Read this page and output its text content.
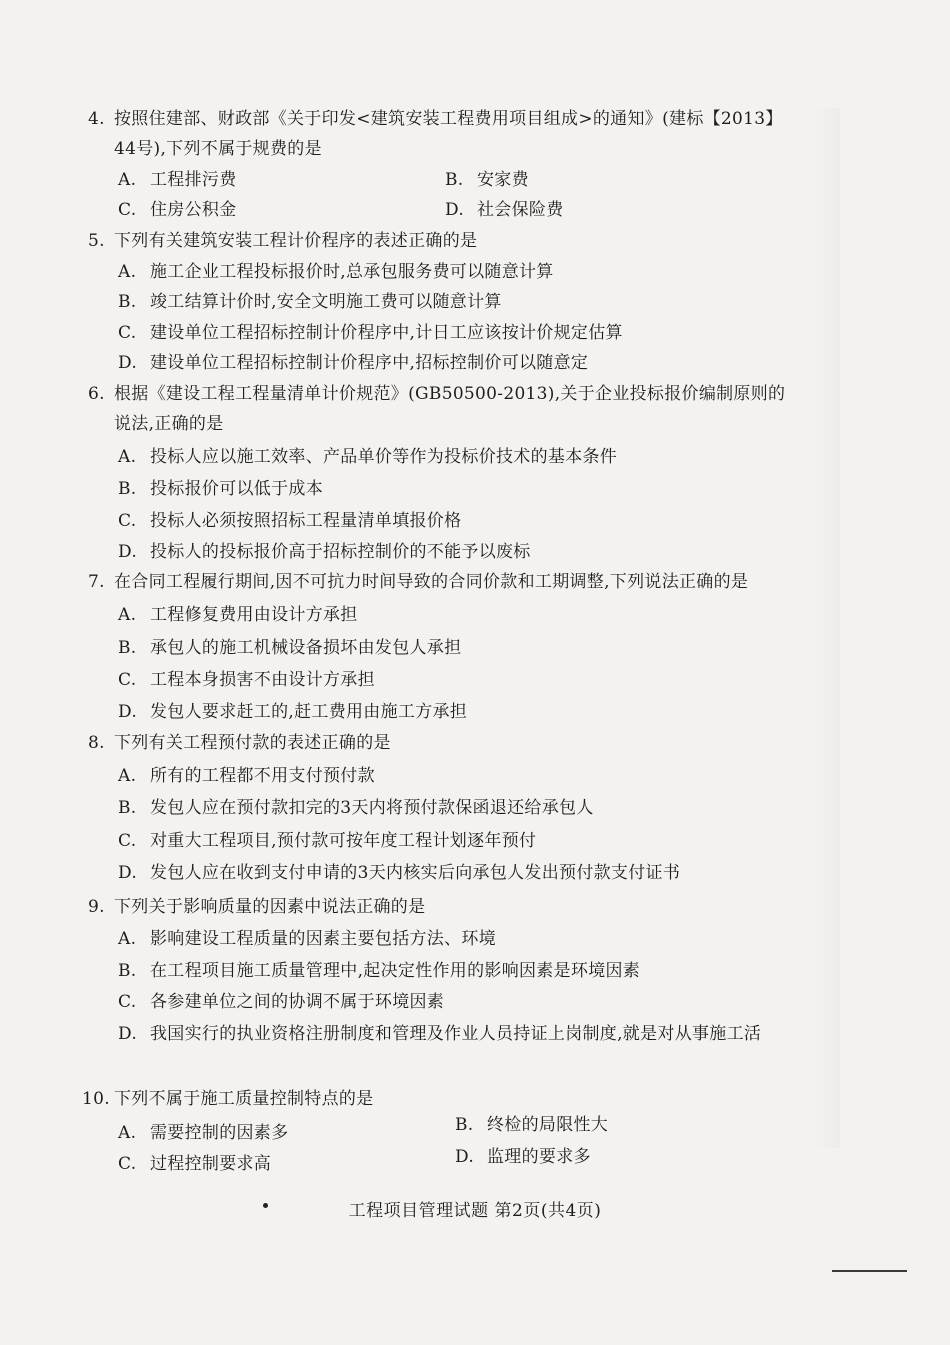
4. 按照住建部、财政部《关于印发<建筑安装工程费用项目组成>的通知》(建标【2013】
44号),下列不属于规费的是
A. 工程排污费	B. 安家费
C. 住房公积金	D. 社会保险费
5. 下列有关建筑安装工程计价程序的表述正确的是
A. 施工企业工程投标报价时,总承包服务费可以随意计算
B. 竣工结算计价时,安全文明施工费可以随意计算
C. 建设单位工程招标控制计价程序中,计日工应该按计价规定估算
D. 建设单位工程招标控制计价程序中,招标控制价可以随意定
6. 根据《建设工程工程量清单计价规范》(GB50500-2013),关于企业投标报价编制原则的
说法,正确的是
A. 投标人应以施工效率、产品单价等作为投标价技术的基本条件
B. 投标报价可以低于成本
C. 投标人必须按照招标工程量清单填报价格
D. 投标人的投标报价高于招标控制价的不能予以废标
7. 在合同工程履行期间,因不可抗力时间导致的合同价款和工期调整,下列说法正确的是
A. 工程修复费用由设计方承担
B. 承包人的施工机械设备损坏由发包人承担
C. 工程本身损害不由设计方承担
D. 发包人要求赶工的,赶工费用由施工方承担
8. 下列有关工程预付款的表述正确的是
A. 所有的工程都不用支付预付款
B. 发包人应在预付款扣完的3天内将预付款保函退还给承包人
C. 对重大工程项目,预付款可按年度工程计划逐年预付
D. 发包人应在收到支付申请的3天内核实后向承包人发出预付款支付证书
9. 下列关于影响质量的因素中说法正确的是
A. 影响建设工程质量的因素主要包括方法、环境
B. 在工程项目施工质量管理中,起决定性作用的影响因素是环境因素
C. 各参建单位之间的协调不属于环境因素
D. 我国实行的执业资格注册制度和管理及作业人员持证上岗制度,就是对从事施工活
10. 下列不属于施工质量控制特点的是
A. 需要控制的因素多	B. 终检的局限性大
C. 过程控制要求高	D. 监理的要求多
工程项目管理试题 第2页(共4页)
